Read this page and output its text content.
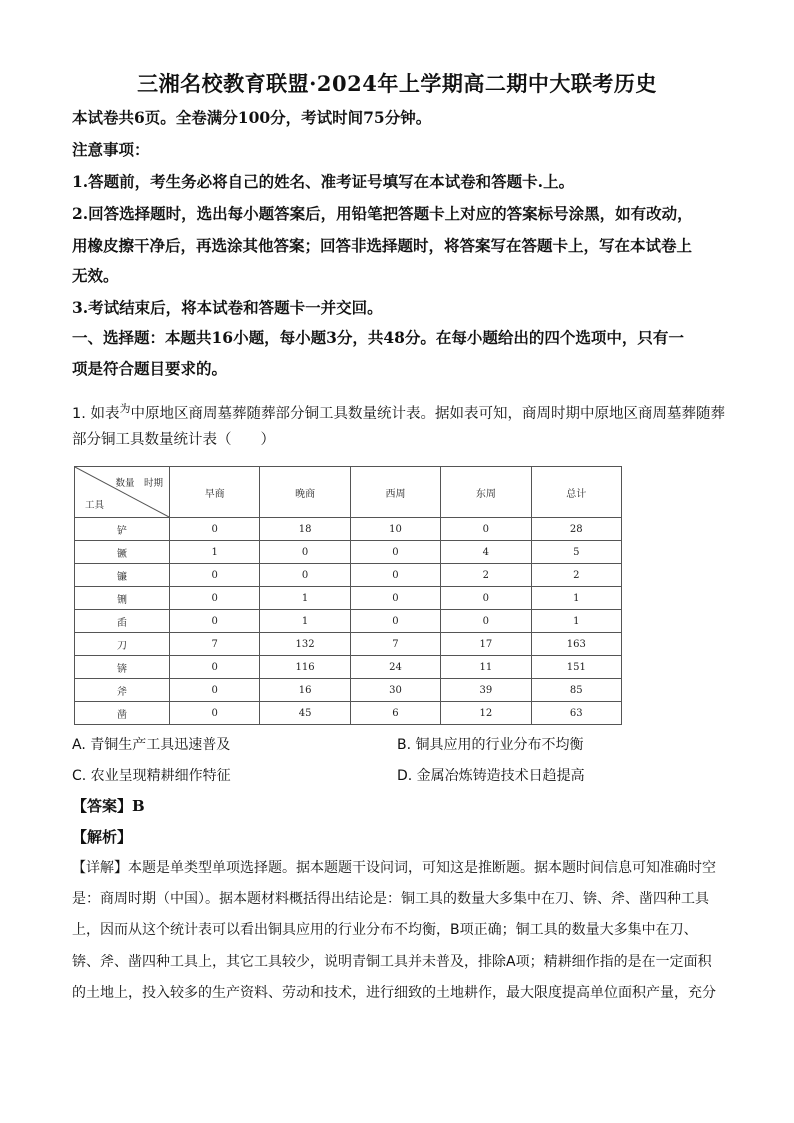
三湘名校教育联盟·2024年上学期高二期中大联考历史
本试卷共6页。全卷满分100分，考试时间75分钟。
注意事项：
1.答题前，考生务必将自己的姓名、准考证号填写在本试卷和答题卡.上。
2.回答选择题时，选出每小题答案后，用铅笔把答题卡上对应的答案标号涂黑，如有改动，
用橡皮擦干净后，再选涂其他答案；回答非选择题时，将答案写在答题卡上，写在本试卷上
无效。
3.考试结束后，将本试卷和答题卡一并交回。
一、选择题：本题共16小题，每小题3分，共48分。在每小题给出的四个选项中，只有一
项是符合题目要求的。
1. 如表$^为$中原地区商周墓葬随葬部分铜工具数量统计表。据如表可知，商周时期中原地区商周墓葬随葬
部分铜工具数量统计表（　　）
数量　时期
工具	早商	晚商	西周	东周	总计
铲	0	18	10	0	28
镢	1	0	0	4	5
镰	0	0	0	2	2
铏	0	1	0	0	1
臿	0	1	0	0	1
刀	7	132	7	17	163
锛	0	116	24	11	151
斧	0	16	30	39	85
凿	0	45	6	12	63
A. 青铜生产工具迅速普及	B. 铜具应用的行业分布不均衡
C. 农业呈现精耕细作特征	D. 金属冶炼铸造技术日趋提高
【答案】B
【解析】
【详解】本题是单类型单项选择题。据本题题干设问词，可知这是推断题。据本题时间信息可知准确时空
是：商周时期（中国）。据本题材料概括得出结论是：铜工具的数量大多集中在刀、锛、斧、凿四种工具
上，因而从这个统计表可以看出铜具应用的行业分布不均衡，B项正确；铜工具的数量大多集中在刀、
锛、斧、凿四种工具上，其它工具较少，说明青铜工具并未普及，排除A项；精耕细作指的是在一定面积
的土地上，投入较多的生产资料、劳动和技术，进行细致的土地耕作，最大限度提高单位面积产量，充分
